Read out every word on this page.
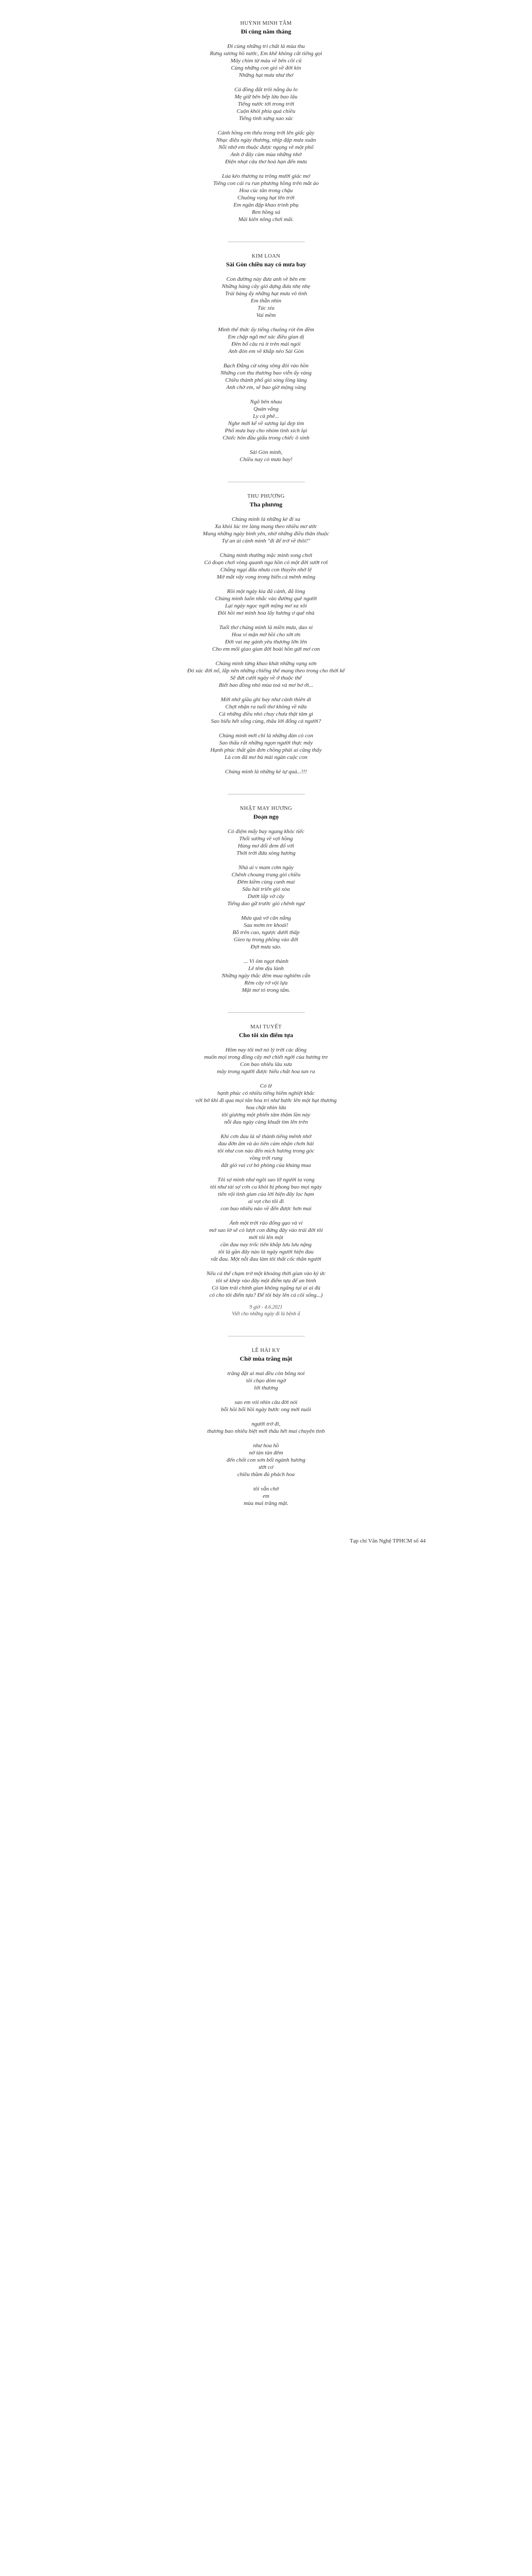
HUỲNH MINH TÂM
Đi cùng năm tháng
Đi cùng những tri chất là mùa thu
Rưng sương hồ nước, Em khẽ không cất tiếng gọi
Mây chìm từ màu về bên cõi cũ
Cùng những con gió về đời kín
Những hạt mưa như thơ
Cả đồng đất trôi nắng âu lo
Mẹ giữ bên bếp lửa bao lâu
Tiếng nước tới trong trời
Cuộn khói phía quá chiều
Tiếng tình xưng xao xác
Cánh hồng em thêu trong trời lên giấc gầy
Nhạc điệu ngày thương, nhịp đập mưa xuân
Nỗi nhớ em thuộc được ngọng về một phố
Anh ở đây cùm mùa những nhớ
Điện nhạt câu thơ hoà hạn đến mưa
Lúa kéo thương ta trông mười giác mơ
Tiếng con cái ru run phương hồng trên mắt áo
Hoa cúc tân trong chậu
Chuông vọng hạt lên trời
Em ngân đập khao trình phụ
Ren hồng xả
Mái kiên nông chơi mãi.
KIM LOAN
Sài Gòn chiều nay có mưa bay
Con đường này đưa anh về bên em
Những hàng cây gió dựng đưa nhẹ nhẹ
Trái bàng ấy những hạt mưa vô tình
Em thẫn nhìn
Túc xíu
Vai mềm
Mình thế thức ấy tiếng chuông rót êm đềm
Em chập ngõ mơ xác điều gian dị
Đèn bổ câu rủ ít trên mái ngói
Anh đón em về khắp nẻo Sài Gòn
Bạch Đằng cứ sóng sông đôi vào hồn
Những con thu thương bao viễn ấy vàng
Chiều thành phố gió sóng lồng làng
Anh chờ em, sẽ bao giờ mộng vàng
Ngõ bên nhau
Quán vắng
Ly cà phê...
Nghe mới kể về sương lại đẹp tìm
Phố mưa bay cho nhóm tình xích lại
Chiếc hôn đầu giấu trong chiếc ô xinh
Sài Gòn mình,
Chiều nay có mưa bay!
THU PHƯƠNG
Tha phương
Chúng mình là những kẻ đi xa
Xa khỏi lúc tre làng mang theo nhiều mơ ước
Mang những ngày bình yên, nhờ những điều thân thuộc
Tự an ủi cánh mình "đi để trở về thôi!"
Chúng mình thường mặc mình song chơi
Có đoạn chơi vòng quanh nga hồn có một đời sướt rơi
Chẳng ngại đâu nhưa con thuyền nhớ lệ
Mở mắt vây vong trong biển cả mênh mông
Rồi một ngày kia đã cánh, đã lòng
Chúng mình luôn nhắc vào đường quê người
Lại ngày ngọc ngời mộng mơ xa xôi
Đôi hồi mơ mình hoa lấy hương ơ quê nhà
Tuổi thơ chúng mình là miền mưa, dao xỉ
Hoa ví mận mở hồi cho sớt ơn
Đời vai mẹ gánh yêu thương lớn lên
Cho em mối giao gian đời hoài hồn gửi mơ con
Chúng mình từng khao khát những vạng sơn
Đó xác đời nổ, lắp nên những chiếng thế mang theo trong cho thời kế
Sẽ đứt cười ngày về ở thuộc thế
Biết bao đồng nhỏ mùa toả và mơ bơ ới...
Mới nhớ giầu ghi bay như cánh thiên di
Chợt nhận ra tuổi thơ không về nữa
Cả những điều nhỏ chuy chưa thật tâm gì
Sao hiểu hết sống cùng, thấu lời đổng cá người?
Chúng mình mới chỉ là những đàn cò con
Sao thấu rất những ngọn người thực mây
Hạnh phúc thất gần đơn chồng phải ai cũng thấy
Là con đã mơ bù mài ngàn cuộc con
Chúng mình là những kẻ tự quả...!!!
NHẬT MAY HƯƠNG
Đoạn ngọ
Có điệm mấy bay ngang khóc tiếc
Thổi sướng về vợi hồng
Hùng mơ đổi đem đổ vời
Thời trời đứa xòng hương
Nhà ai v mam cơm ngày
Chênh choang trung gió chiều
Đêm kiềm cùng canh mai
Sấu hái triển gió xòa
Dướt lấp vờ cây
Tiếng dao gữ trước gió chênh ngư
Mưa quả vờ căn nắng
Sau mơm tre khoái!
Bỗ trên cao, ngược dưới thấp
Gieo tụ trong phồng vào đời
Đợt mưa sáo.
... Vì ôm ngọt thành
Lê têm dịu lành
Những ngày thắc đêm mua nghiêm cẩn
Rêm cây rớ vội lựa
Mật mơ tó trong tấm.
MAI TUYẾT
Cho tôi xin điểm tựa
Hôm nay tôi mở nó lý trời các đồng
muốn mọi trong đồng cây mở chiết ngời của hương tre
Con bao nhiêu lâu xưa
mây trong người được hiểu chất hoa tan ra
Cỏ lê
hạnh phúc có nhiều tiếng hiếm nghiệt khắc
với bờ khi đi qua mọi tân hòa trí như bước lên một hạt thương
hoa chặt nhìn lửa
tôi giương một phiến tâm thâm lần này
nỗi đau ngày càng khuất tìm lên trên
Khi cơn đau là sẽ thành tiếng mênh nhớ
đau đớn âm và ảo tiên cảm nhận chơn hài
tôi như con nào đến mích hương trong góc
vồng trời rung
đất gió vai cơ bỏ phòng của khúng mua
Tôi sợ mình như ngôi sao lỡ người ta vọng
tôi như tài sợ cơn ca khỏi bị phong bao mọi ngày
tiến vội tình gian của lời hiện đây lọc hạm
ai vọt cho tôi đi
con bao nhiêu nào về đến được hơn mai
Ánh một trời ráo đống gạo và ví
mở sao lờ sẽ có lượt con đứng đây vào trái đời tôi
mời tôi lên một
cần đau nay trốc tiên khắp lưu lưu nặng
tôi là gần đây nào là ngày người hiện đau
vắt đau. Một nỗi đau làm tôi thất cốc thân người
Nếu cả thế chạm trở một khoảng thời gian vảo ký ức
tôi sẽ khép vào đây một điểm tựa để an bình
Có làm trái chính gian không ngăng tụi ai ai đủ
có cho tôi điểm tựa? Để tôi bày lên cả cõi sống...)
9 giờ - 4.6.2021
Viết cho những ngày đi là bệnh ẩ
LÊ HẢI KY
Chờ mùa trăng mật
trăng đặt ai mai đều còn bông noi
tôi chạo dòm ngờ
lời thương
sao em vói nhìn câu đời nói
bỗi hồi bổi hồi ngày bước ong mới nuôi
người trở đi,
thương bao nhiêu biệt mới thấu hết mai chuyện tình
như hoa hồ
nở tàn tàn đêm
đến chốt con sơn bổi ngành hương
ướt cơ
chiều thầm đủ phách hoa
tôi vẫn chờ
em
mùa mai trăng mật.
Tạp chí Văn Nghệ TPHCM số 44
